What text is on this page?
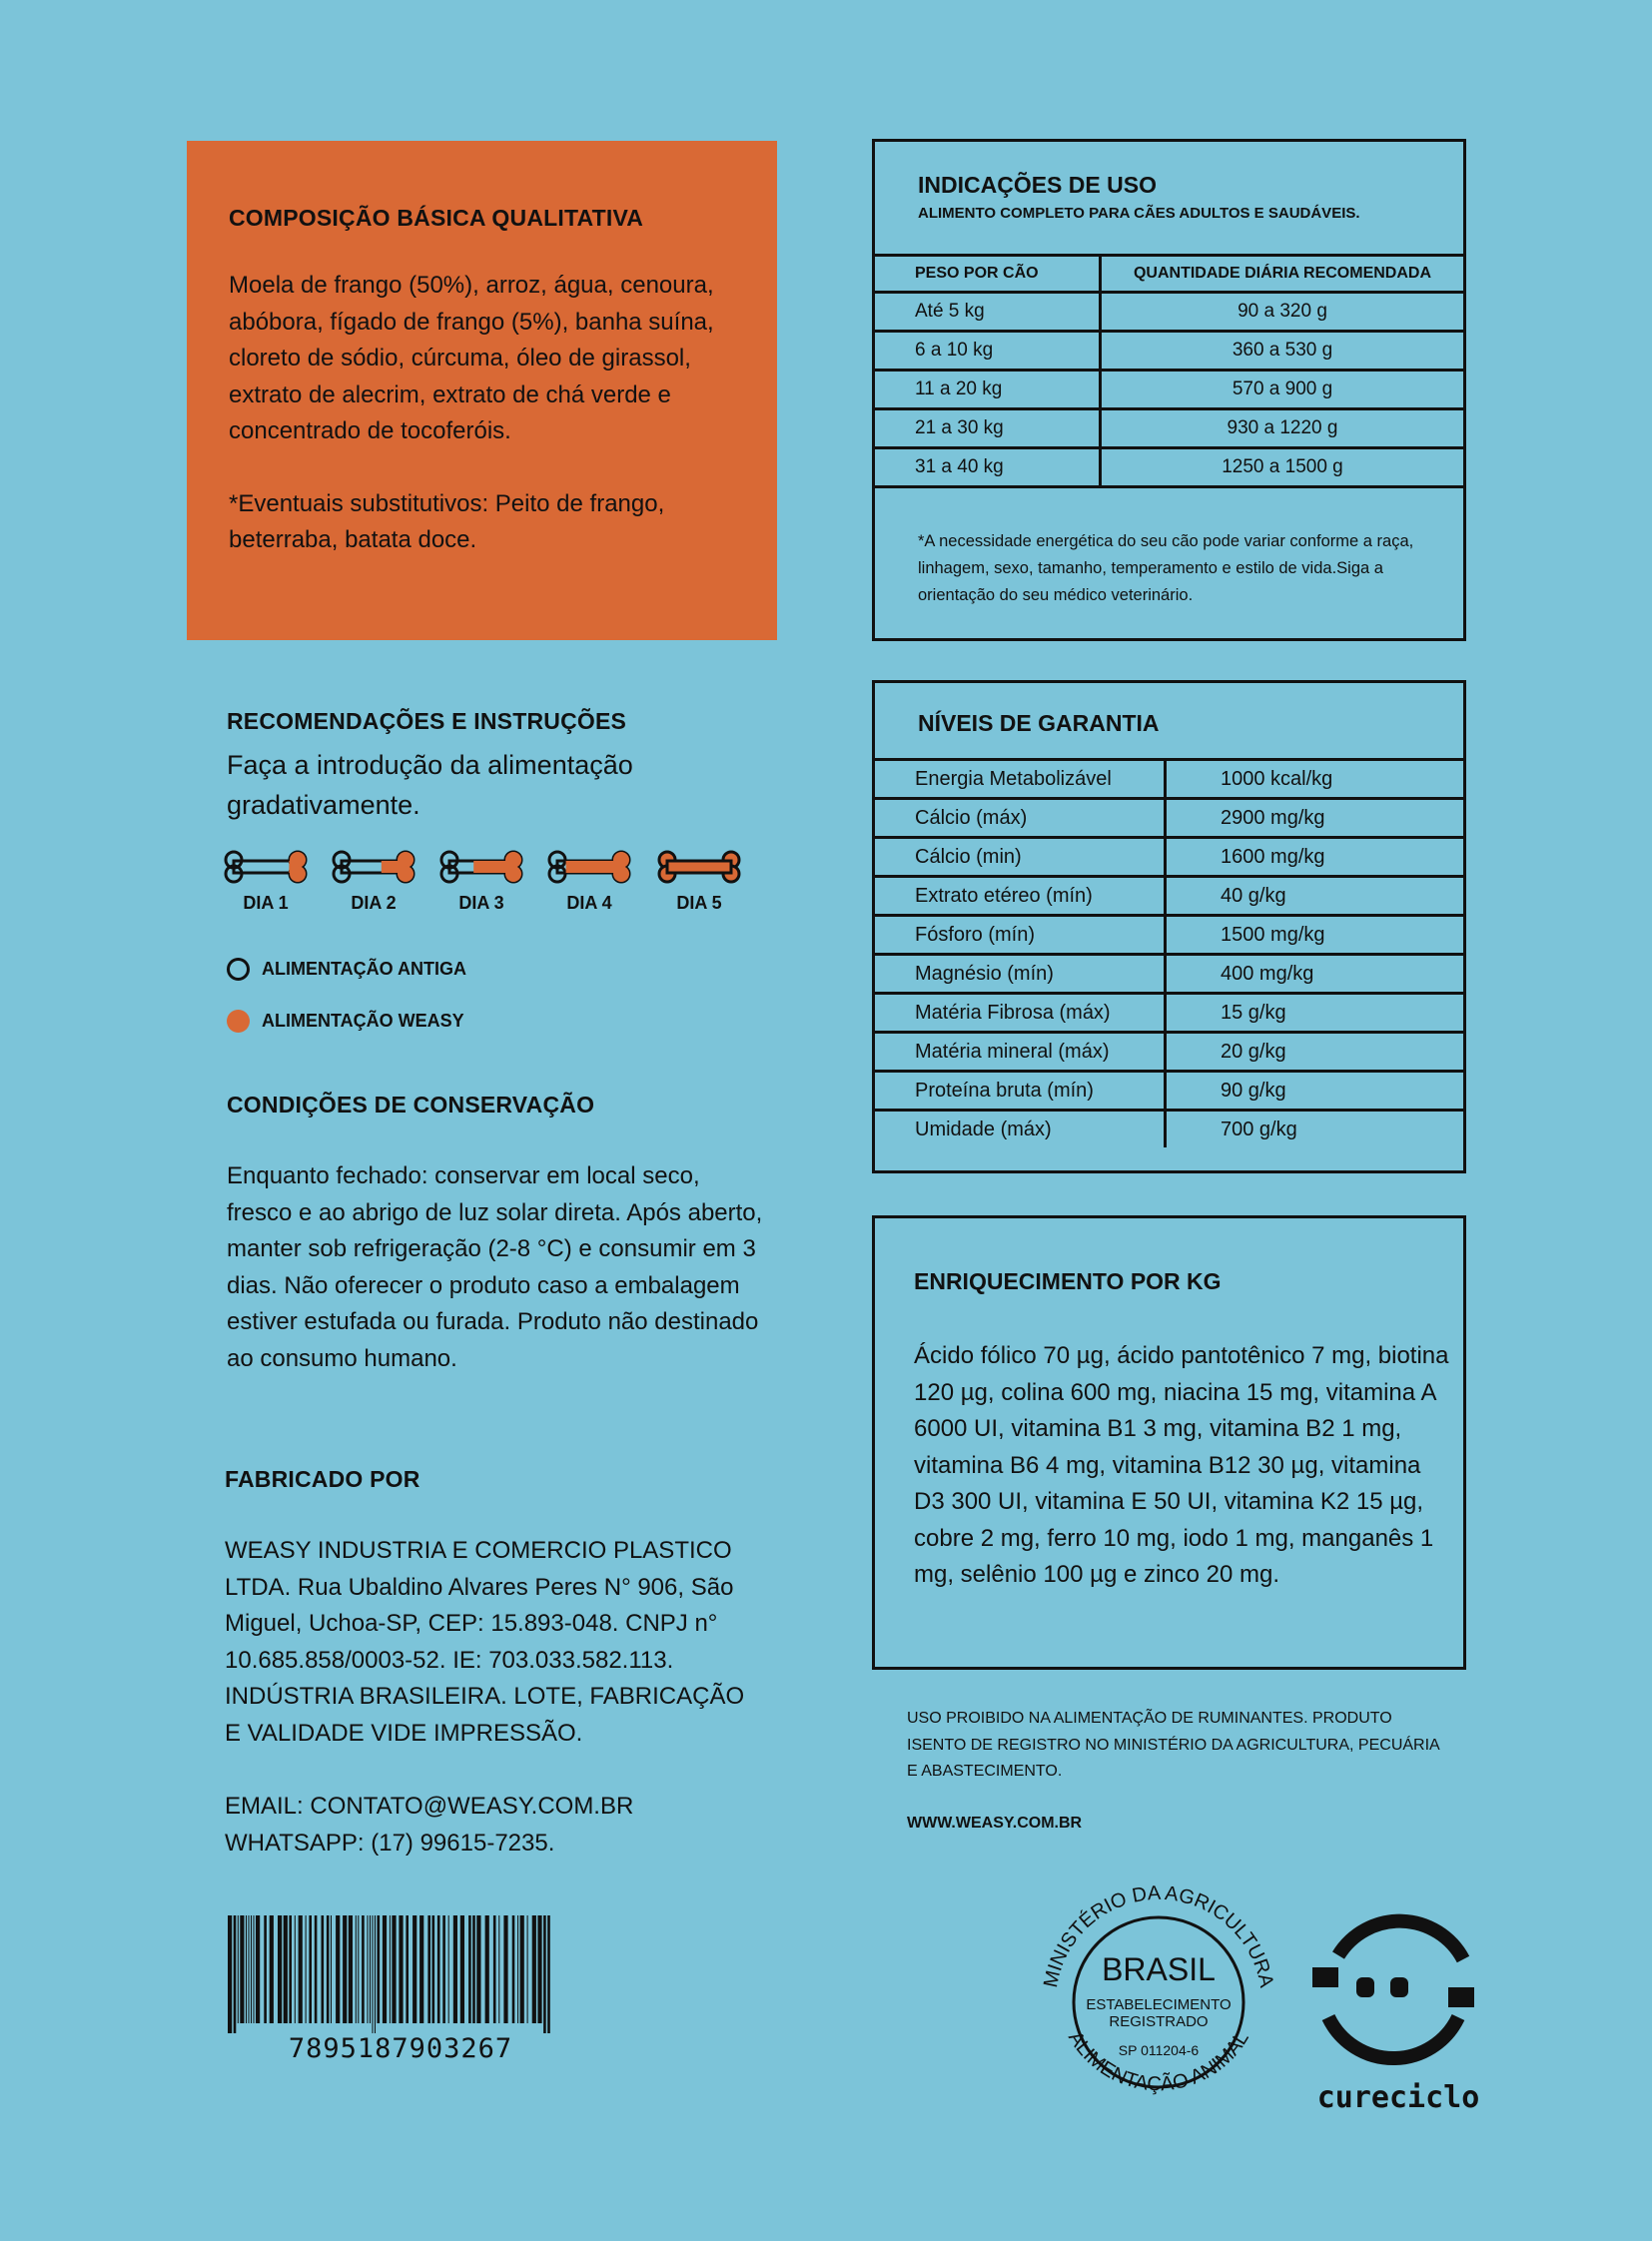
COMPOSIÇÃO BÁSICA QUALITATIVA
Moela de frango (50%), arroz, água, cenoura, abóbora, fígado de frango (5%), banha suína, cloreto de sódio, cúrcuma, óleo de girassol, extrato de alecrim, extrato de chá verde e concentrado de tocoferóis.
*Eventuais substitutivos: Peito de frango, beterraba, batata doce.
INDICAÇÕES DE USO
ALIMENTO COMPLETO PARA CÃES ADULTOS E SAUDÁVEIS.
PESO POR CÃO	QUANTIDADE DIÁRIA RECOMENDADA
Até 5 kg	90 a 320 g
6 a 10 kg	360 a 530 g
11 a 20 kg	570 a 900 g
21 a 30 kg	930 a 1220 g
31 a 40 kg	1250 a 1500 g
*A necessidade energética do seu cão pode variar conforme a raça, linhagem, sexo, tamanho, temperamento e estilo de vida.Siga a orientação do seu médico veterinário.
RECOMENDAÇÕES E INSTRUÇÕES
Faça a introdução da alimentação gradativamente.
DIA 1	DIA 2	DIA 3	DIA 4	DIA 5
ALIMENTAÇÃO ANTIGA
ALIMENTAÇÃO WEASY
CONDIÇÕES DE CONSERVAÇÃO
Enquanto fechado: conservar em local seco, fresco e ao abrigo de luz solar direta. Após aberto, manter sob refrigeração (2-8 °C) e consumir em 3 dias. Não oferecer o produto caso a embalagem estiver estufada ou furada. Produto não destinado ao consumo humano.
FABRICADO POR
WEASY INDUSTRIA E COMERCIO PLASTICO LTDA. Rua Ubaldino Alvares Peres N° 906, São Miguel, Uchoa-SP, CEP: 15.893-048. CNPJ n° 10.685.858/0003-52. IE: 703.033.582.113. INDÚSTRIA BRASILEIRA. LOTE, FABRICAÇÃO E VALIDADE VIDE IMPRESSÃO.
EMAIL: CONTATO@WEASY.COM.BR
WHATSAPP: (17) 99615-7235.
NÍVEIS DE GARANTIA
Energia Metabolizável	1000 kcal/kg
Cálcio (máx)	2900 mg/kg
Cálcio (min)	1600 mg/kg
Extrato etéreo (mín)	40 g/kg
Fósforo (mín)	1500 mg/kg
Magnésio (mín)	400 mg/kg
Matéria Fibrosa (máx)	15 g/kg
Matéria mineral (máx)	20 g/kg
Proteína bruta (mín)	90 g/kg
Umidade (máx)	700 g/kg
ENRIQUECIMENTO POR KG
Ácido fólico 70 µg, ácido pantotênico 7 mg, biotina 120 µg, colina 600 mg, niacina 15 mg, vitamina A 6000 UI, vitamina B1 3 mg, vitamina B2 1 mg, vitamina B6 4 mg, vitamina B12 30 µg, vitamina D3 300 UI, vitamina E 50 UI, vitamina K2 15 µg, cobre 2 mg, ferro 10 mg, iodo 1 mg, manganês 1 mg, selênio 100 µg e zinco 20 mg.
USO PROIBIDO NA ALIMENTAÇÃO DE RUMINANTES. PRODUTO ISENTO DE REGISTRO NO MINISTÉRIO DA AGRICULTURA, PECUÁRIA E ABASTECIMENTO.
WWW.WEASY.COM.BR
7895187903267
MINISTÉRIO DA AGRICULTURA
ALIMENTAÇÃO ANIMAL
BRASIL
ESTABELECIMENTO
REGISTRADO
SP 011204-6
cureciclo
